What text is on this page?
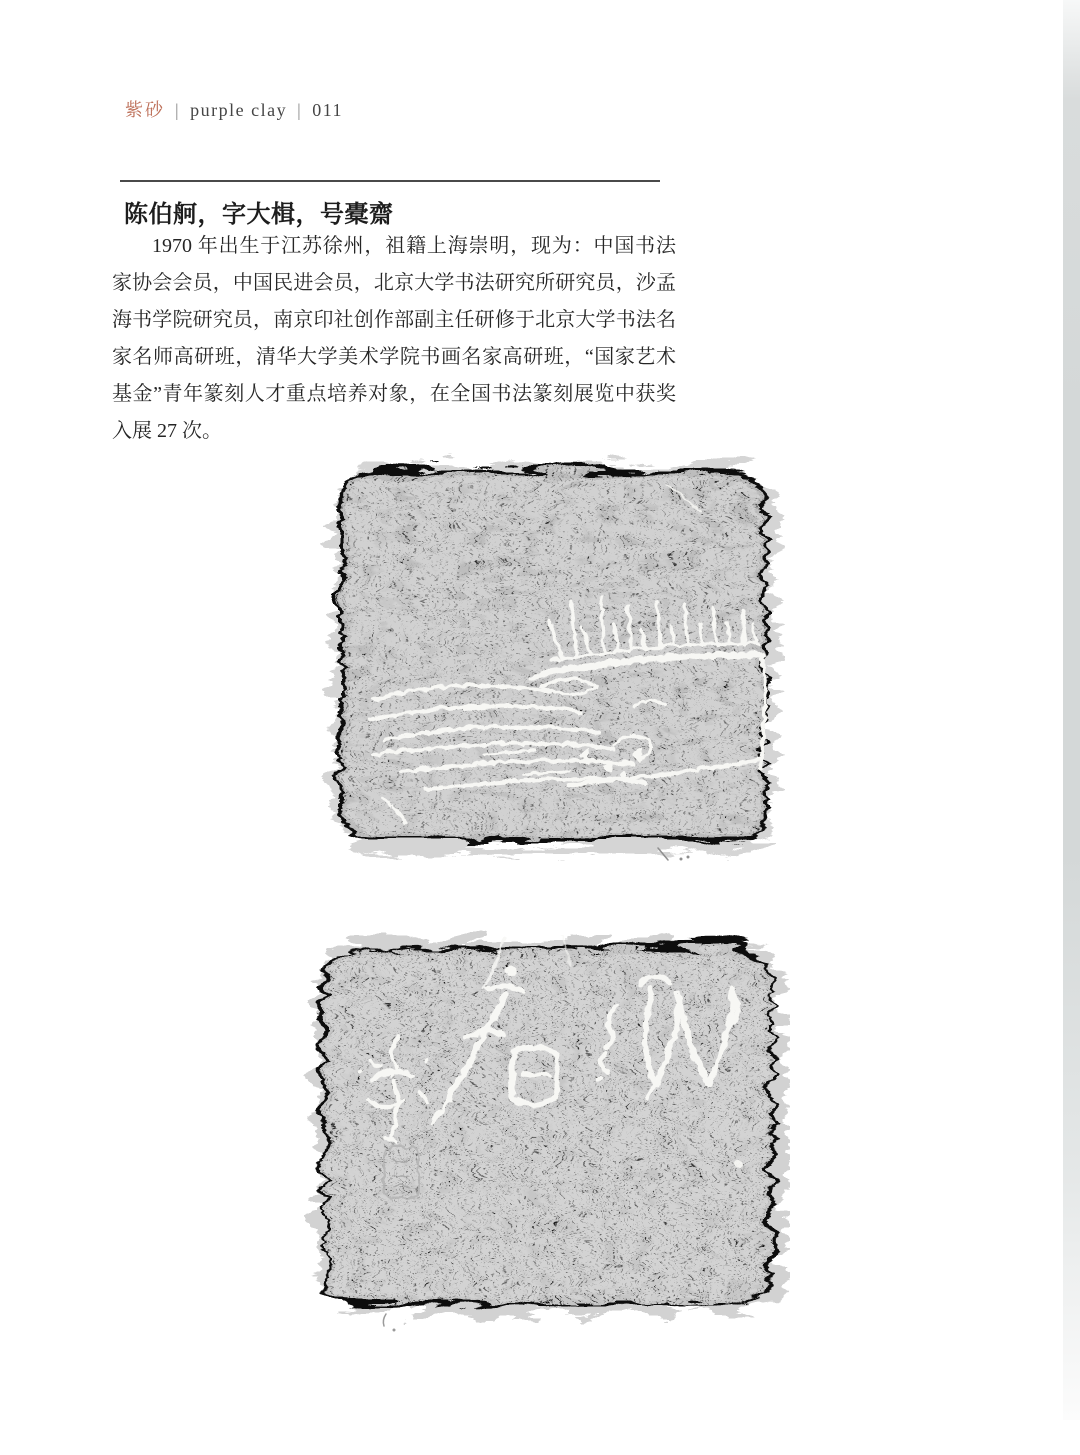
紫砂 | purple clay | 011
陈伯舸，字大楫，号橐齋

1970 年出生于江苏徐州，祖籍上海崇明，现为：中国书法家协会会员，中国民进会员，北京大学书法研究所研究员，沙孟海书学院研究员，南京印社创作部副主任研修于北京大学书法名家名师高研班，清华大学美术学院书画名家高研班，“国家艺术基金”青年篆刻人才重点培养对象，在全国书法篆刻展览中获奖入展 27 次。
